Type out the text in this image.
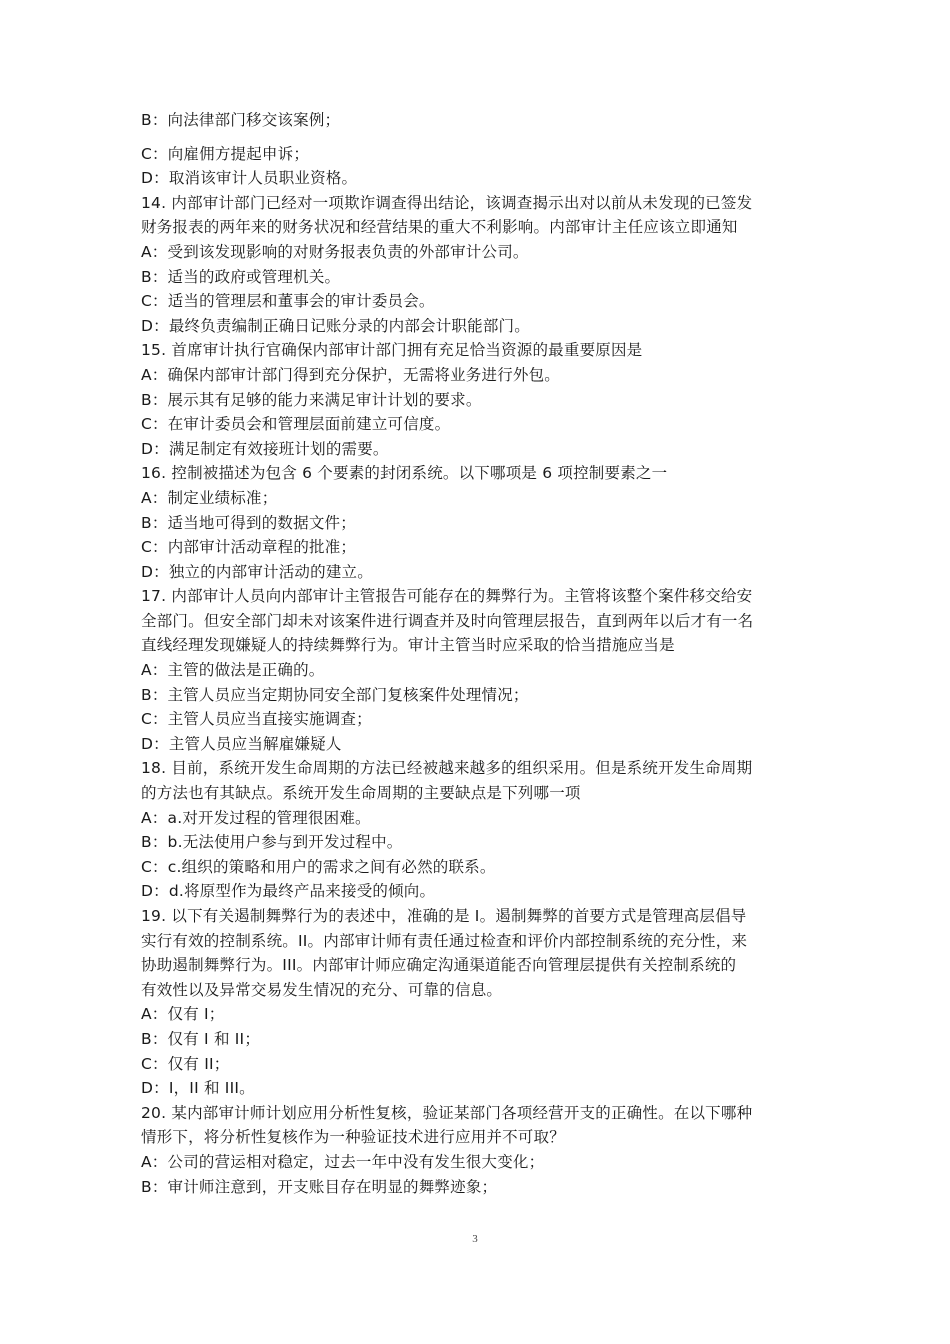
B：向法律部门移交该案例；
C：向雇佣方提起申诉；
D：取消该审计人员职业资格。
14. 内部审计部门已经对一项欺诈调查得出结论，该调查揭示出对以前从未发现的已签发
财务报表的两年来的财务状况和经营结果的重大不利影响。内部审计主任应该立即通知
A：受到该发现影响的对财务报表负责的外部审计公司。
B：适当的政府或管理机关。
C：适当的管理层和董事会的审计委员会。
D：最终负责编制正确日记账分录的内部会计职能部门。
15. 首席审计执行官确保内部审计部门拥有充足恰当资源的最重要原因是
A：确保内部审计部门得到充分保护，无需将业务进行外包。
B：展示其有足够的能力来满足审计计划的要求。
C：在审计委员会和管理层面前建立可信度。
D：满足制定有效接班计划的需要。
16. 控制被描述为包含 6 个要素的封闭系统。以下哪项是 6 项控制要素之一
A：制定业绩标准；
B：适当地可得到的数据文件；
C：内部审计活动章程的批准；
D：独立的内部审计活动的建立。
17. 内部审计人员向内部审计主管报告可能存在的舞弊行为。主管将该整个案件移交给安
全部门。但安全部门却未对该案件进行调查并及时向管理层报告，直到两年以后才有一名
直线经理发现嫌疑人的持续舞弊行为。审计主管当时应采取的恰当措施应当是
A：主管的做法是正确的。
B：主管人员应当定期协同安全部门复核案件处理情况；
C：主管人员应当直接实施调查；
D：主管人员应当解雇嫌疑人
18. 目前，系统开发生命周期的方法已经被越来越多的组织采用。但是系统开发生命周期
的方法也有其缺点。系统开发生命周期的主要缺点是下列哪一项
A：a.对开发过程的管理很困难。
B：b.无法使用户参与到开发过程中。
C：c.组织的策略和用户的需求之间有必然的联系。
D：d.将原型作为最终产品来接受的倾向。
19. 以下有关遏制舞弊行为的表述中，准确的是 I。遏制舞弊的首要方式是管理高层倡导
实行有效的控制系统。II。内部审计师有责任通过检查和评价内部控制系统的充分性，来
协助遏制舞弊行为。III。内部审计师应确定沟通渠道能否向管理层提供有关控制系统的
有效性以及异常交易发生情况的充分、可靠的信息。
A：仅有 I；
B：仅有 I 和 II；
C：仅有 II；
D：I，II 和 III。
20. 某内部审计师计划应用分析性复核，验证某部门各项经营开支的正确性。在以下哪种
情形下，将分析性复核作为一种验证技术进行应用并不可取？
A：公司的营运相对稳定，过去一年中没有发生很大变化；
B：审计师注意到，开支账目存在明显的舞弊迹象；
3
